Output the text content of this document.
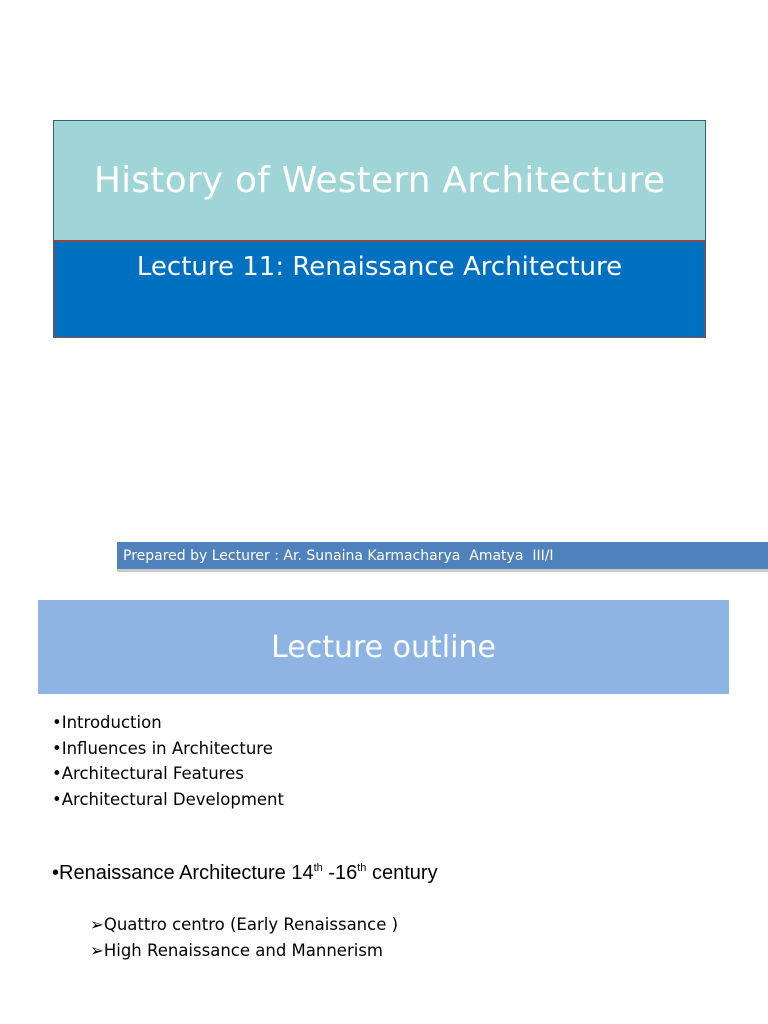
History of Western Architecture
Lecture 11: Renaissance Architecture
Prepared by Lecturer : Ar. Sunaina Karmacharya  Amatya  III/I
Lecture outline
•Introduction
•Influences in Architecture
•Architectural Features
•Architectural Development
•Renaissance Architecture 14th -16th century
➢Quattro centro (Early Renaissance )
➢High Renaissance and Mannerism
